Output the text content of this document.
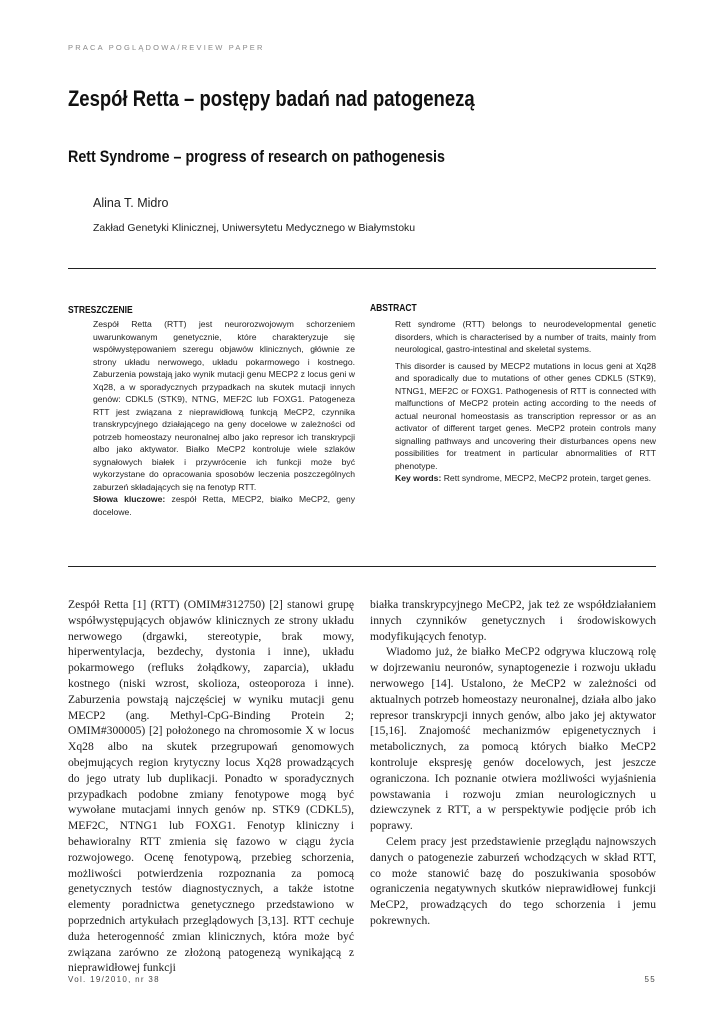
PRACA POGLĄDOWA/REVIEW PAPER
Zespół Retta – postępy badań nad patogenezą
Rett Syndrome – progress of research on pathogenesis
Alina T. Midro
Zakład Genetyki Klinicznej, Uniwersytetu Medycznego w Białymstoku
STRESZCZENIE

Zespół Retta (RTT) jest neurorozwojowym schorzeniem uwarunkowanym genetycznie, które charakteryzuje się współwystępowaniem szeregu objawów klinicznych, głównie ze strony układu nerwowego, układu pokarmowego i kostnego. Zaburzenia powstają jako wynik mutacji genu MECP2 z locus geni w Xq28, a w sporadycznych przypadkach na skutek mutacji innych genów: CDKL5 (STK9), NTNG, MEF2C lub FOXG1. Patogeneza RTT jest związana z nieprawidłową funkcją MeCP2, czynnika transkrypcyjnego działającego na geny docelowe w zależności od potrzeb homeostazy neuronalnej albo jako represor ich transkrypcji albo jako aktywator. Białko MeCP2 kontroluje wiele szlaków sygnałowych białek i przywrócenie ich funkcji może być wykorzystane do opracowania sposobów leczenia poszczególnych zaburzeń składających się na fenotyp RTT.

Słowa kluczowe: zespół Retta, MECP2, białko MeCP2, geny docelowe.

ABSTRACT

Rett syndrome (RTT) belongs to neurodevelopmental genetic disorders, which is characterised by a number of traits, mainly from neurological, gastro-intestinal and skeletal systems.

This disorder is caused by MECP2 mutations in locus geni at Xq28 and sporadically due to mutations of other genes CDKL5 (STK9), NTNG1, MEF2C or FOXG1. Pathogenesis of RTT is connected with malfunctions of MeCP2 protein acting according to the needs of actual neuronal homeostasis as transcription repressor or as an activator of different target genes. MeCP2 protein controls many signalling pathways and uncovering their disturbances opens new possibilities for treatment in particular abnormalities of RTT phenotype.

Key words: Rett syndrome, MECP2, MeCP2 protein, target genes.

Zespół Retta [1] (RTT) (OMIM#312750) [2] stanowi grupę współwystępujących objawów klinicznych ze strony układu nerwowego (drgawki, stereotypie, brak mowy, hiperwentylacja, bezdechy, dystonia i inne), układu pokarmowego (refluks żołądkowy, zaparcia), układu kostnego (niski wzrost, skolioza, osteoporoza i inne). Zaburzenia powstają najczęściej w wyniku mutacji genu MECP2 (ang. Methyl-CpG-Binding Protein 2; OMIM#300005) [2] położonego na chromosomie X w locus Xq28 albo na skutek przegrupowań genomowych obejmujących region krytyczny locus Xq28 prowadzących do jego utraty lub duplikacji. Ponadto w sporadycznych przypadkach podobne zmiany fenotypowe mogą być wywołane mutacjami innych genów np. STK9 (CDKL5), MEF2C, NTNG1 lub FOXG1. Fenotyp kliniczny i behawioralny RTT zmienia się fazowo w ciągu życia rozwojowego. Ocenę fenotypową, przebieg schorzenia, możliwości potwierdzenia rozpoznania za pomocą genetycznych testów diagnostycznych, a także istotne elementy poradnictwa genetycznego przedstawiono w poprzednich artykułach przeglądowych [3,13]. RTT cechuje duża heterogenność zmian klinicznych, która może być związana zarówno ze złożoną patogenezą wynikającą z nieprawidłowej funkcji

białka transkrypcyjnego MeCP2, jak też ze współdziałaniem innych czynników genetycznych i środowiskowych modyfikujących fenotyp.

Wiadomo już, że białko MeCP2 odgrywa kluczową rolę w dojrzewaniu neuronów, synaptogenezie i rozwoju układu nerwowego [14]. Ustalono, że MeCP2 w zależności od aktualnych potrzeb homeostazy neuronalnej, działa albo jako represor transkrypcji innych genów, albo jako jej aktywator [15,16]. Znajomość mechanizmów epigenetycznych i metabolicznych, za pomocą których białko MeCP2 kontroluje ekspresję genów docelowych, jest jeszcze ograniczona. Ich poznanie otwiera możliwości wyjaśnienia powstawania i rozwoju zmian neurologicznych u dziewczynek z RTT, a w perspektywie podjęcie prób ich poprawy.

Celem pracy jest przedstawienie przeglądu najnowszych danych o patogenezie zaburzeń wchodzących w skład RTT, co może stanowić bazę do poszukiwania sposobów ograniczenia negatywnych skutków nieprawidłowej funkcji MeCP2, prowadzących do tego schorzenia i jemu pokrewnych.

Vol. 19/2010, nr 38	55
